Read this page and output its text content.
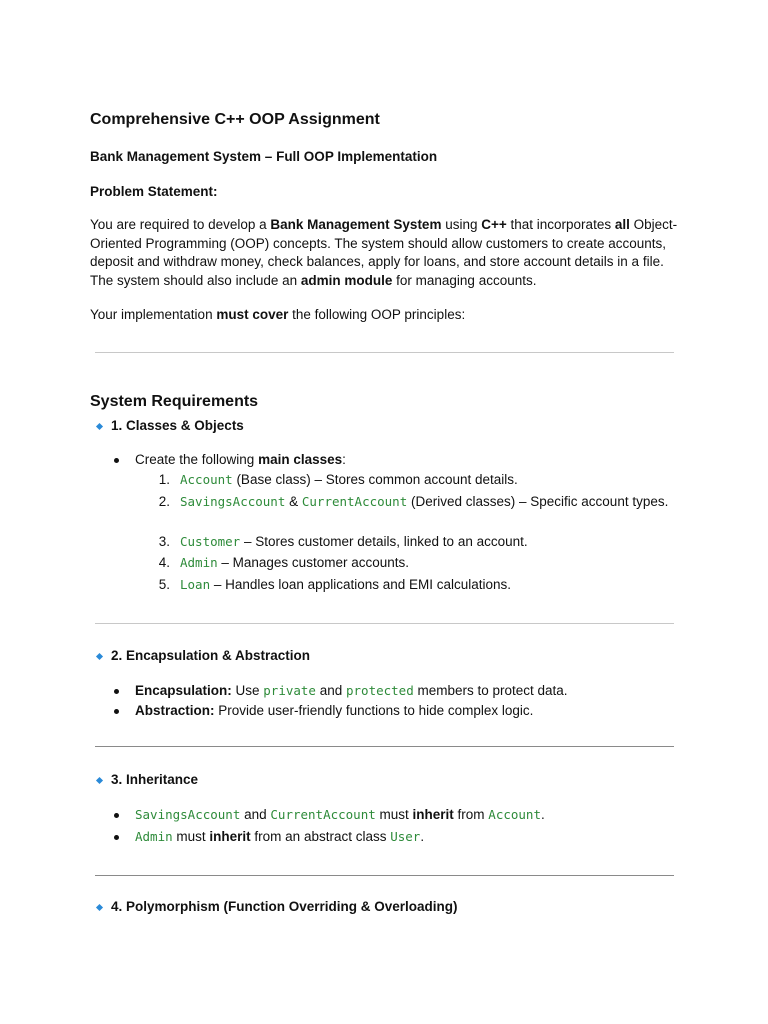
Comprehensive C++ OOP Assignment
Bank Management System – Full OOP Implementation
Problem Statement:

You are required to develop a Bank Management System using C++ that incorporates all Object-Oriented Programming (OOP) concepts. The system should allow customers to create accounts, deposit and withdraw money, check balances, apply for loans, and store account details in a file. The system should also include an admin module for managing accounts.

Your implementation must cover the following OOP principles:

System Requirements
1. Classes & Objects
Create the following main classes:
1. Account (Base class) – Stores common account details.
2. SavingsAccount & CurrentAccount (Derived classes) – Specific account types.
3. Customer – Stores customer details, linked to an account.
4. Admin – Manages customer accounts.
5. Loan – Handles loan applications and EMI calculations.
2. Encapsulation & Abstraction
Encapsulation: Use private and protected members to protect data.
Abstraction: Provide user-friendly functions to hide complex logic.
3. Inheritance
SavingsAccount and CurrentAccount must inherit from Account.
Admin must inherit from an abstract class User.
4. Polymorphism (Function Overriding & Overloading)
